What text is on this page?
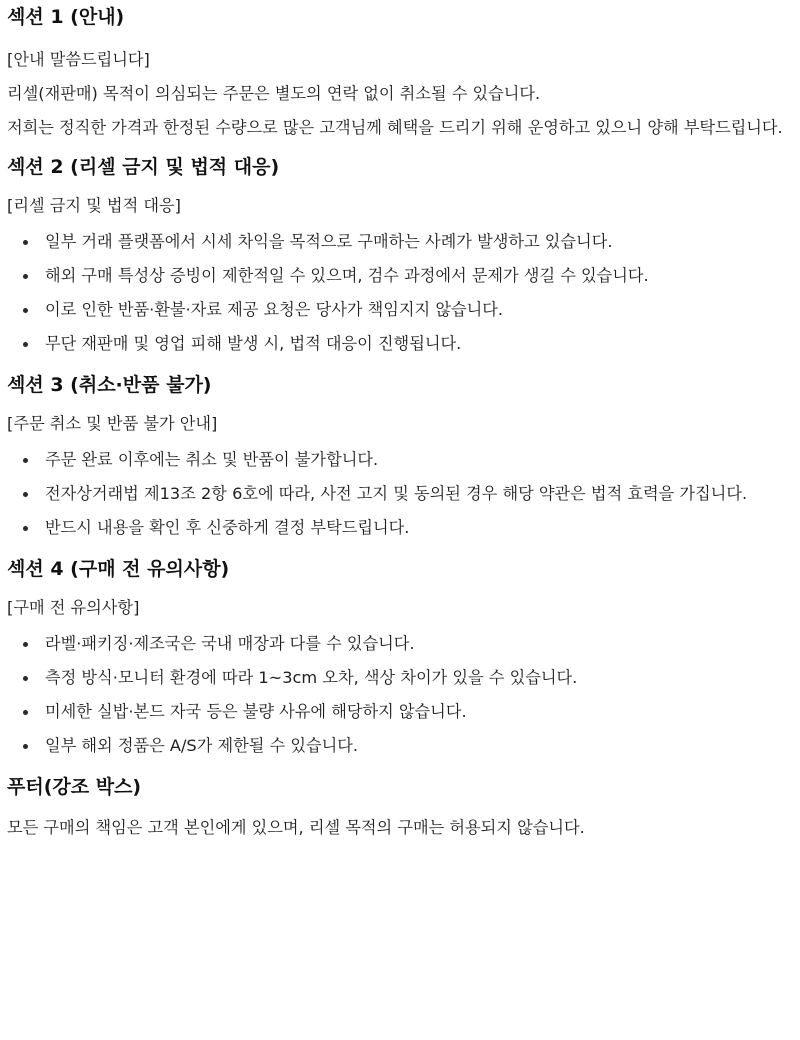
섹션 1 (안내)

[안내 말씀드립니다]

리셀(재판매) 목적이 의심되는 주문은 별도의 연락 없이 취소될 수 있습니다.

저희는 정직한 가격과 한정된 수량으로 많은 고객님께 혜택을 드리기 위해 운영하고 있으니 양해 부탁드립니다.

섹션 2 (리셀 금지 및 법적 대응)

[리셀 금지 및 법적 대응]

일부 거래 플랫폼에서 시세 차익을 목적으로 구매하는 사례가 발생하고 있습니다.
해외 구매 특성상 증빙이 제한적일 수 있으며, 검수 과정에서 문제가 생길 수 있습니다.
이로 인한 반품·환불·자료 제공 요청은 당사가 책임지지 않습니다.
무단 재판매 및 영업 피해 발생 시, 법적 대응이 진행됩니다.
섹션 3 (취소·반품 불가)

[주문 취소 및 반품 불가 안내]

주문 완료 이후에는 취소 및 반품이 불가합니다.
전자상거래법 제13조 2항 6호에 따라, 사전 고지 및 동의된 경우 해당 약관은 법적 효력을 가집니다.
반드시 내용을 확인 후 신중하게 결정 부탁드립니다.
섹션 4 (구매 전 유의사항)

[구매 전 유의사항]

라벨·패키징·제조국은 국내 매장과 다를 수 있습니다.
측정 방식·모니터 환경에 따라 1~3cm 오차, 색상 차이가 있을 수 있습니다.
미세한 실밥·본드 자국 등은 불량 사유에 해당하지 않습니다.
일부 해외 정품은 A/S가 제한될 수 있습니다.
푸터(강조 박스)

모든 구매의 책임은 고객 본인에게 있으며, 리셀 목적의 구매는 허용되지 않습니다.
